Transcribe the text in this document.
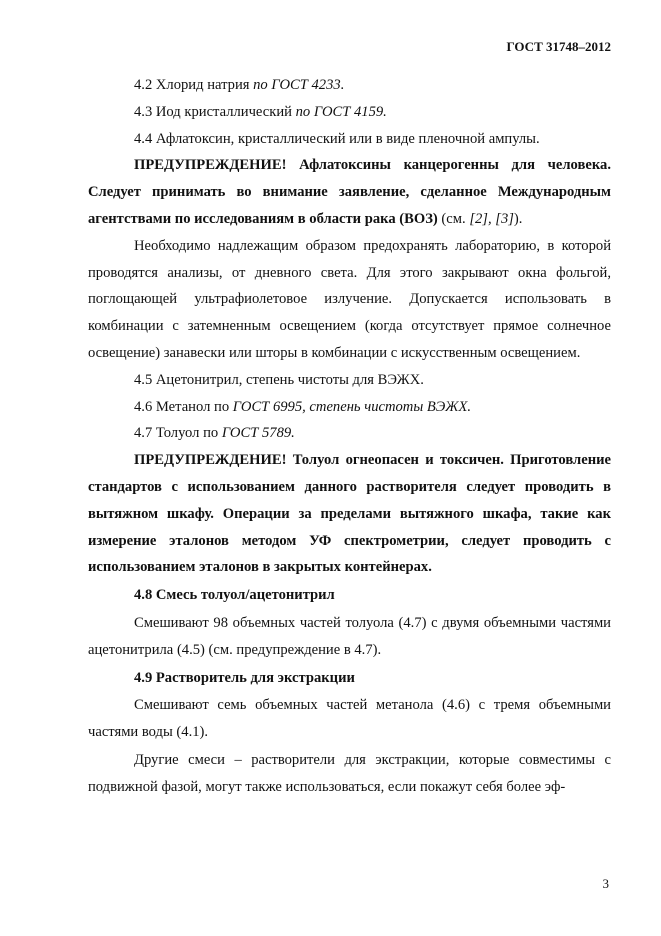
ГОСТ 31748–2012

4.2 Хлорид натрия по ГОСТ 4233.

4.3 Иод кристаллический по ГОСТ 4159.

4.4 Афлатоксин, кристаллический или в виде пленочной ампулы.

ПРЕДУПРЕЖДЕНИЕ! Афлатоксины канцерогенны для человека. Следует принимать во внимание заявление, сделанное Международным агентствами по исследованиям в области рака (ВОЗ) (см. [2], [3]).

Необходимо надлежащим образом предохранять лабораторию, в которой проводятся анализы, от дневного света. Для этого закрывают окна фольгой, поглощающей ультрафиолетовое излучение. Допускается использовать в комбинации с затемненным освещением (когда отсутствует прямое солнечное освещение) занавески или шторы в комбинации с искусственным освещением.

4.5 Ацетонитрил, степень чистоты для ВЭЖХ.

4.6 Метанол по ГОСТ 6995, степень чистоты ВЭЖХ.

4.7 Толуол по ГОСТ 5789.

ПРЕДУПРЕЖДЕНИЕ! Толуол огнеопасен и токсичен. Приготовление стандартов с использованием данного растворителя следует проводить в вытяжном шкафу. Операции за пределами вытяжного шкафа, такие как измерение эталонов методом УФ спектрометрии, следует проводить с использованием эталонов в закрытых контейнерах.

4.8 Смесь толуол/ацетонитрил

Смешивают 98 объемных частей толуола (4.7) с двумя объемными частями ацетонитрила (4.5) (см. предупреждение в 4.7).

4.9 Растворитель для экстракции

Смешивают семь объемных частей метанола (4.6) с тремя объемными частями воды (4.1).

Другие смеси – растворители для экстракции, которые совместимы с подвижной фазой, могут также использоваться, если покажут себя более эф-

3
